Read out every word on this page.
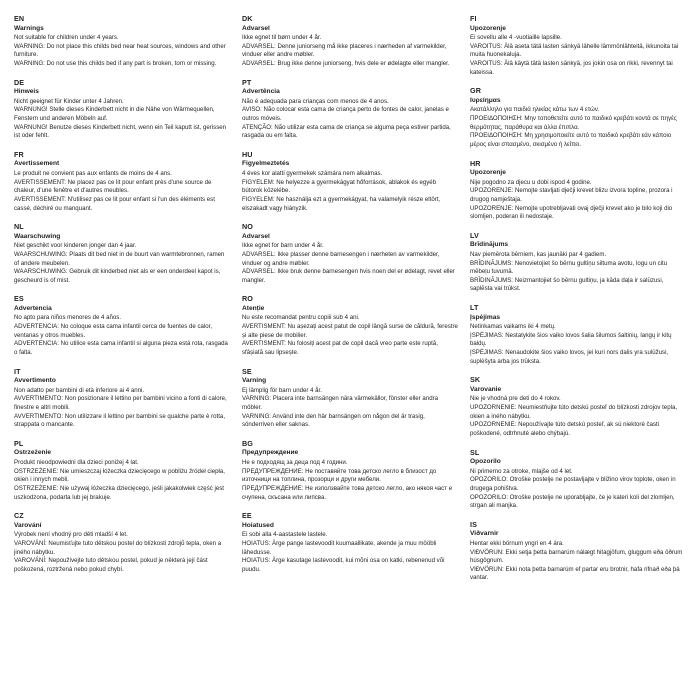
EN
Warnings

Not suitable for children under 4 years.

WARNING: Do not place this childs bed near heat sources, windows and other furniture.

WARNING: Do not use this childs bed if any part is broken, torn or missing.

DE
Hinweis

Nicht geeignet für Kinder unter 4 Jahren.

WARNUNG! Stelle dieses Kinderbett nicht in die Nähe von Wärmequellen, Fenstern und anderen Möbeln auf.

WARNUNG! Benutze dieses Kinderbett nicht, wenn ein Teil kaputt ist, gerissen ist oder fehlt.

FR
Avertissement

Le produit ne convient pas aux enfants de moins de 4 ans.

AVERTISSEMENT: Ne placez pas ce lit pour enfant près d'une source de chaleur, d'une fenêtre et d'autres meubles.

AVERTISSEMENT: N'utilisez pas ce lit pour enfant si l'un des éléments est cassé, déchiré ou manquant.

NL
Waarschuwing

Niet geschikt voor kinderen jonger dan 4 jaar.

WAARSCHUWING: Plaats dit bed niet in de buurt van warmtebronnen, ramen of andere meubelen.

WAARSCHUWING: Gebruik dit kinderbed niet als er een onderdeel kapot is, gescheurd is of mist.

ES
Advertencia

No apto para niños menores de 4 años.

ADVERTENCIA: No coloque esta cama infantil cerca de fuentes de calor, ventanas y otros muebles.

ADVERTENCIA: No utilice esta cama infantil si alguna pieza está rota, rasgada o falta.

IT
Avvertimento

Non adatto per bambini di età inferiore ai 4 anni.

AVVERTIMENTO: Non posizionare il lettino per bambini vicino a fonti di calore, finestre e altri mobili.

AVVERTIMENTO: Non utilizzare il lettino per bambini se qualche parte è rotta, strappata o mancante.

PL
Ostrzeżenie

Produkt nieodpowiedni dla dzieci poniżej 4 lat.

OSTRZEŻENIE: Nie umieszczaj łóżeczka dziecięcego w pobliżu źródeł ciepła, okien i innych mebli.

OSTRZEŻENIE: Nie używaj łóżeczka dziecięcego, jeśli jakakolwiek część jest uszkodzona, podarta lub jej brakuje.

CZ
Varování

Výrobek není vhodný pro děti mladší 4 let.

VAROVÁNÍ: Neumisťujte tuto dětskou postel do blízkosti zdrojů tepla, oken a jiného nábytku.

VAROVÁNÍ: Nepoužívejte tuto dětskou postel, pokud je některá její část poškozená, roztržená nebo pokud chybí.

DK
Advarsel

Ikke egnet til børn under 4 år.

ADVARSEL: Denne juniorseng må ikke placeres i nærheden af varmekilder, vinduer eller andre møbler.

ADVARSEL: Brug ikke denne juniorseng, hvis dele er ødelagte eller mangler.

PT
Advertência

Não é adequada para crianças com menos de 4 anos.

AVISO: Não colocar esta cama de criança perto de fontes de calor, janelas e outros móveis.

ATENÇÃO: Não utilizar esta cama de criança se alguma peça estiver partida, rasgada ou em falta.

HU
Figyelmeztetés

4 éves kor alatti gyermekek számára nem alkalmas.

FIGYELEM: Ne helyezze a gyermekágyat hőforrások, ablakok és egyéb bútorok közelébe.

FIGYELEM: Ne használja ezt a gyermekágyat, ha valamelyik része eltört, elszakadt vagy hiányzik.

NO
Advarsel

Ikke egnet for barn under 4 år.

ADVARSEL: Ikke plasser denne barnesengen i nærheten av varmekilder, vinduer og andre møbler.

ADVARSEL: Ikke bruk denne barnesengen hvis noen del er ødelagt, revet eller mangler.

RO
Atenție

Nu este recomandat pentru copiii sub 4 ani.

AVERTISMENT: Nu așezați acest patut de copil lângă surse de căldură, ferestre și alte piese de mobilier.

AVERTISMENT: Nu folosiți acest pat de copil dacă vreo parte este ruptă, sfâșiată sau lipsește.

SE
Varning

Ej lämplig för barn under 4 år.

VARNING: Placera inte barnsängen nära värmekällor, fönster eller andra möbler.

VARNING: Använd inte den här barnsängen om någon del är trasig, sönderriven eller saknas.

BG
Предупреждение

Не е подходящ за деца под 4 години.

ПРЕДУПРЕЖДЕНИЕ: Не поставяйте това детско легло в близост до източници на топлина, прозорци и други мебели.

ПРЕДУПРЕЖДЕНИЕ: Не използвайте това детско легло, ако някоя част е счупена, скъсана или липсва.

EE
Hoiatused

Ei sobi alla 4-aastastele lastele.

HOIATUS: Ärge pange lastevoodit kuumaallikate, akende ja muu mööbli lähedusse.

HOIATUS: Ärge kasutage lastevoodit, kui mõni osa on katki, rebenenud või puudu.

FI
Upozorenje

Ei sovellu alle 4 -vuotiaille lapsille.

VAROITUS: Älä aseta tätä lasten sänkyä lähelle lämmönlähteitä, ikkunoita tai muita huonekaluja.

VAROITUS: Älä käytä tätä lasten sänkyä, jos jokin osa on rikki, revennyt tai kateissa.

GR
Ιυρείημαs

Ακατάλληλο για παιδιά ηλικίας κάτω των 4 ετών.

ΠΡΟΕΙΔΟΠΟΙΗΣΗ: Μην τοποθετείτε αυτό το παιδικό κρεβάτι κοντά σε πηγές θερμότητας, παράθυρα και άλλα έπιπλα.

ΠΡΟΕΙΔΟΠΟΙΗΣΗ: Μη χρησιμοποιείτε αυτό το παιδικό κρεβάτι εάν κάποιο μέρος είναι σπασμένο, σκισμένο ή λείπει.

HR
Upozorenje

Nije pogodno za djecu u dobi ispod 4 godine.

UPOZORENJE: Nemojte stavljati dječji krevet blizu izvora topline, prozora i drugog namještaja.

UPOZORENJE: Nemojte upotrebljavati ovaj dječji krevet ako je bilo koji dio slomljen, poderan ili nedostaje.

LV
Brīdinājums

Nav piemērota bērniem, kas jaunāki par 4 gadiem.

BRĪDINĀJUMS: Nenovietojiet šo bērnu gultiņu siltuma avotu, logu un citu mēbeļu tuvumā.

BRĪDINĀJUMS: Neizmantojiet šo bērnu gultiņu, ja kāda daļa ir salūzusi, saplēsta vai trūkst.

LT
Įspėjimas

Netinkamas vaikams iki 4 metų.

ĮSPĖJIMAS: Nestatykite šios vaiko lovos šalia šilumos šaltinių, langų ir kitų baldų.

ĮSPĖJIMAS: Nenaudokite šios vaiko lovos, jei kuri nors dalis yra sulūžusi, suplėšyta arba jos trūksta.

SK
Varovanie

Nie je vhodná pre deti do 4 rokov.

UPOZORNENIE: Neumiestňujte túto detskú posteľ do blízkosti zdrojov tepla, okien a iného nábytku.

UPOZORNENIE: Nepoužívajte túto detskú posteľ, ak sú niektoré časti poškodené, odtrhnuté alebo chýbajú.

SL
Opozorilo

Ni primerno za otroke, mlajše od 4 let.

OPOZORILO: Otroške postelje ne postavljajte v bližino virov toplote, oken in drugega pohištva.

OPOZORILO: Otroške postelje ne uporabljajte, če je kateri koli del zlomljen, strgan ali manjka.

IS
Viðvarnir

Hentar ekki börnum yngri en 4 ára.

VIÐVÖRUN: Ekki setja þetta barnarúm nálægt hitagjöfum, gluggum eða öðrum húsgögnum.

VIÐVÖRUN: Ekki nota þetta barnarúm ef partar eru brotnir, hafa rifnað eða þá vantar.
